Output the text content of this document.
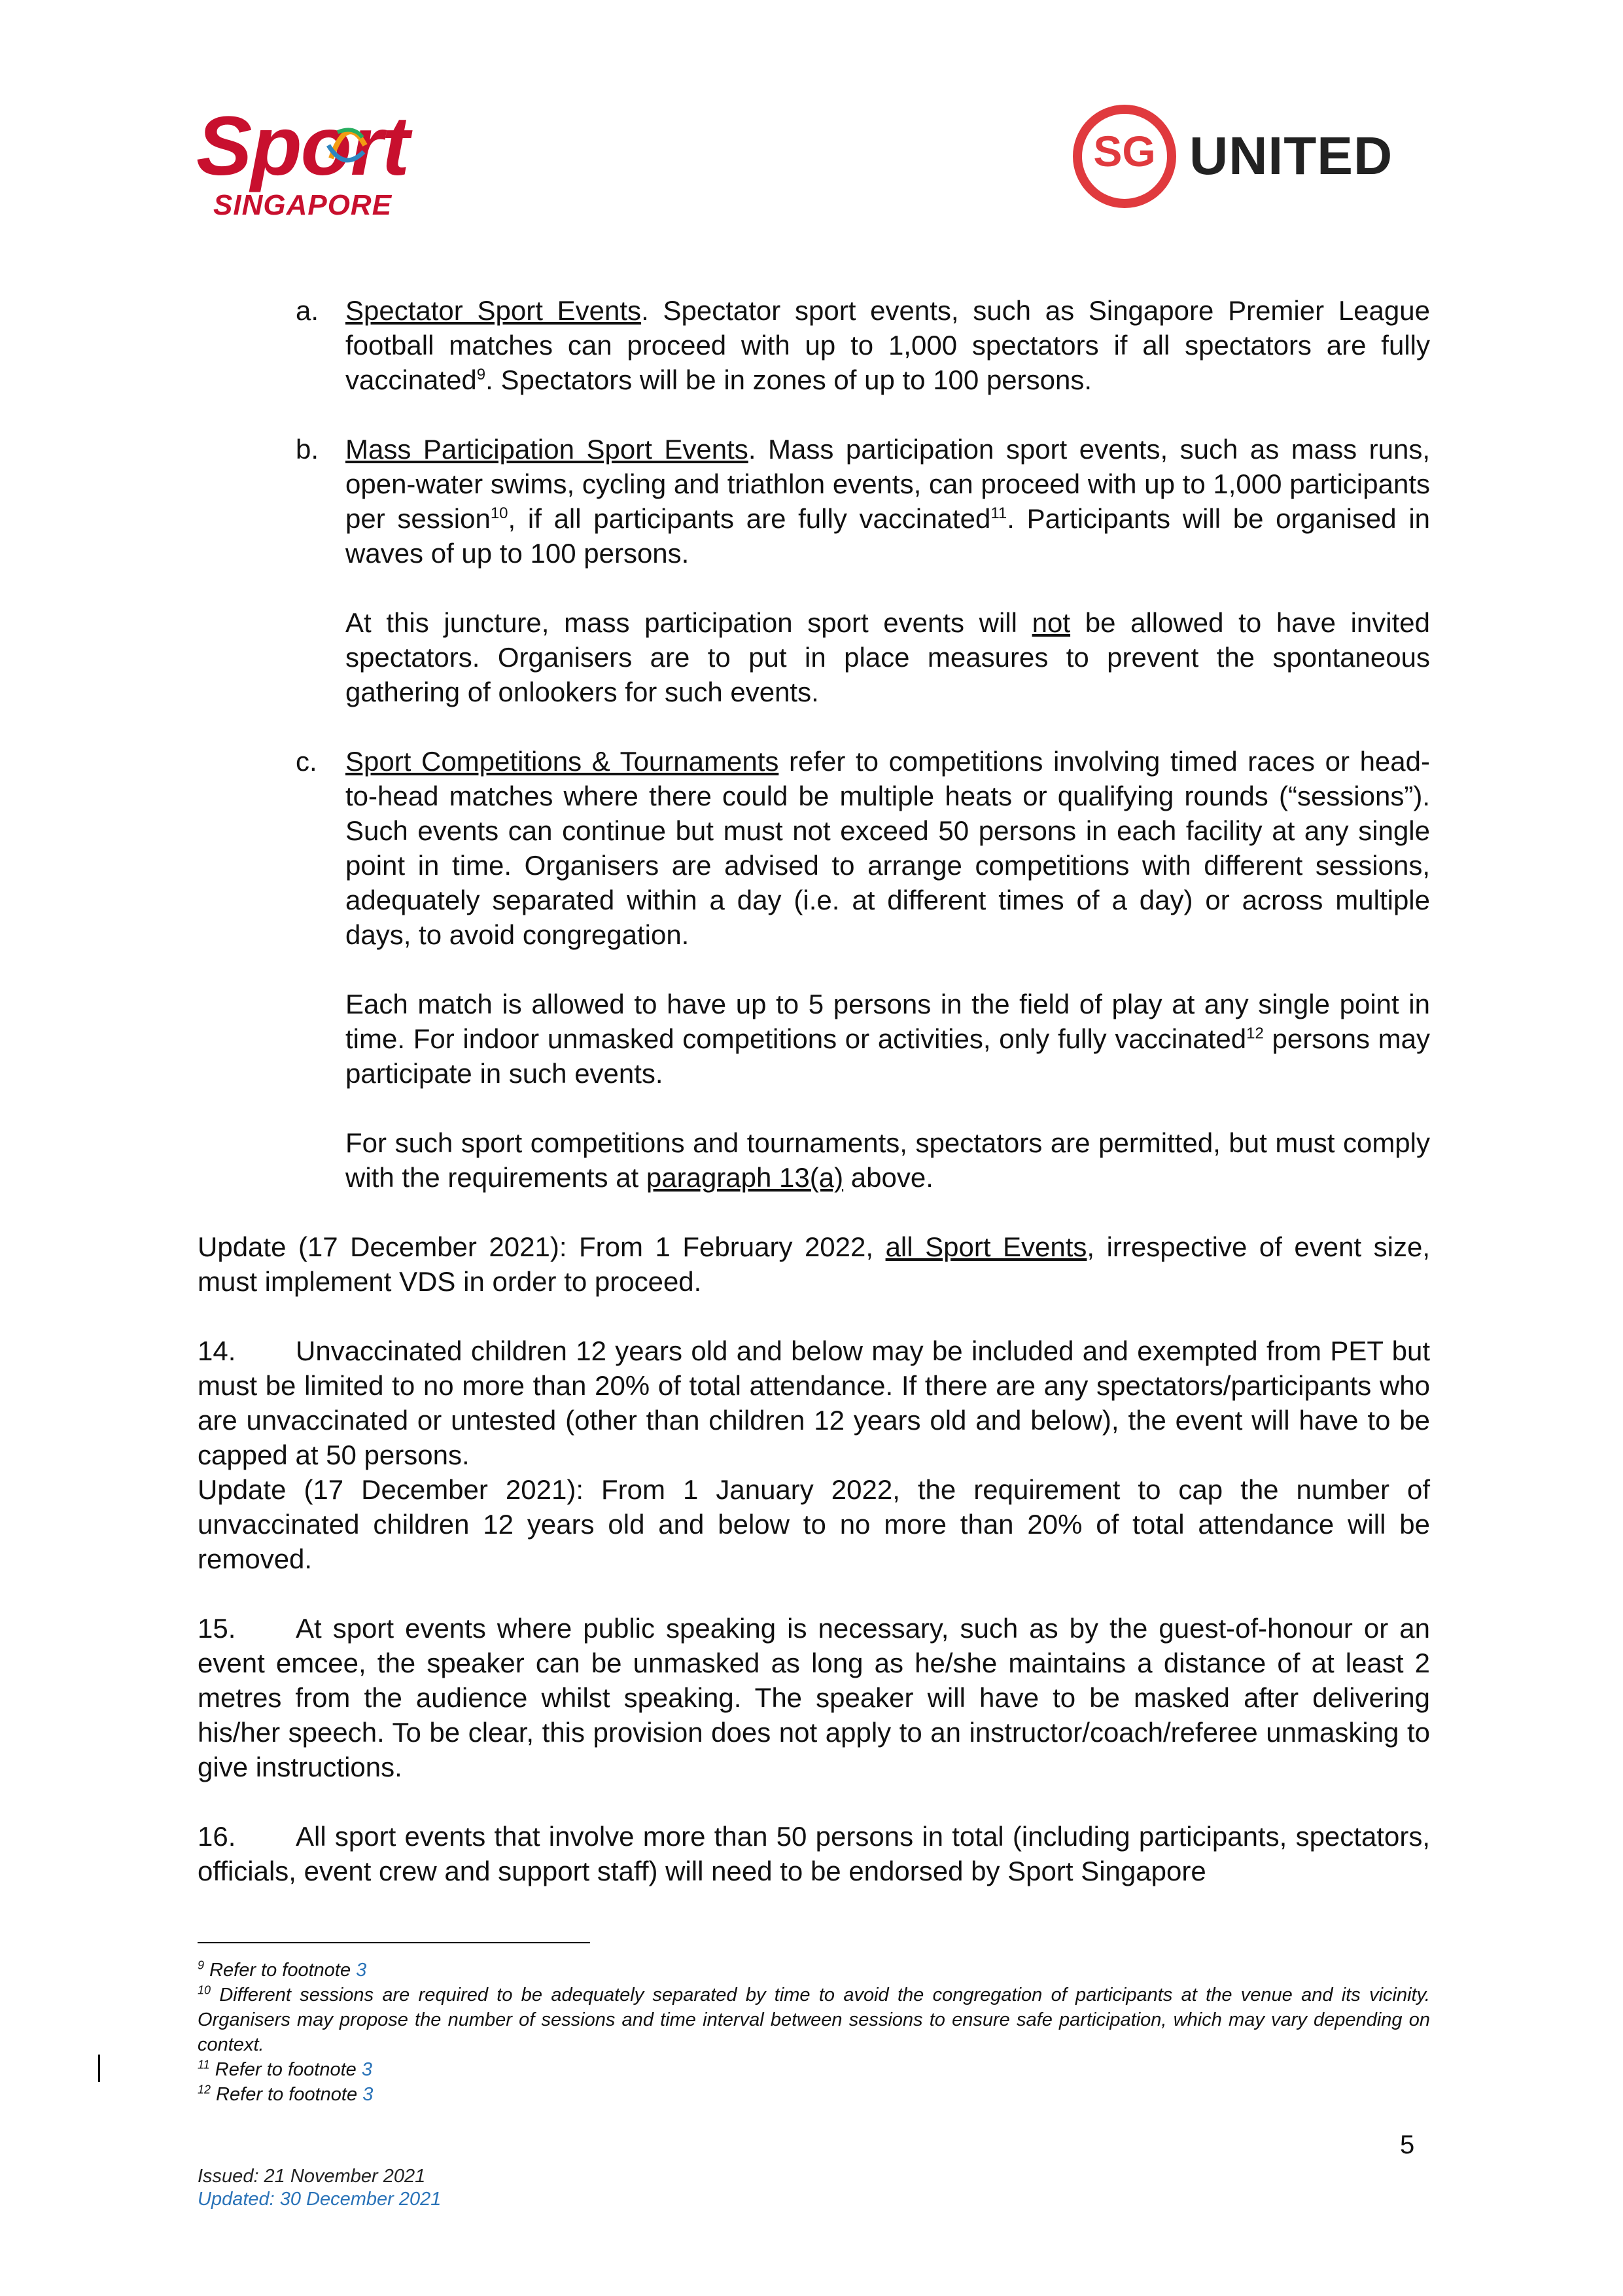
Sport
SINGAPORE
SG UNITED
a. Spectator Sport Events. Spectator sport events, such as Singapore Premier League football matches can proceed with up to 1,000 spectators if all spectators are fully vaccinated$^9$. Spectators will be in zones of up to 100 persons.

b. Mass Participation Sport Events. Mass participation sport events, such as mass runs, open-water swims, cycling and triathlon events, can proceed with up to 1,000 participants per session$^{10}$, if all participants are fully vaccinated$^{11}$. Participants will be organised in waves of up to 100 persons.

At this juncture, mass participation sport events will not be allowed to have invited spectators. Organisers are to put in place measures to prevent the spontaneous gathering of onlookers for such events.

c.	Sport Competitions & Tournaments refer to competitions involving timed races or head-to-head matches where there could be multiple heats or qualifying rounds (“sessions”). Such events can continue but must not exceed 50 persons in each facility at any single point in time. Organisers are advised to arrange competitions with different sessions, adequately separated within a day (i.e. at different times of a day) or across multiple days, to avoid congregation.

Each match is allowed to have up to 5 persons in the field of play at any single point in time. For indoor unmasked competitions or activities, only fully vaccinated$^{12}$ persons may participate in such events.

For such sport competitions and tournaments, spectators are permitted, but must comply with the requirements at paragraph 13(a) above.

Update (17 December 2021): From 1 February 2022, all Sport Events, irrespective of event size, must implement VDS in order to proceed.

14. Unvaccinated children 12 years old and below may be included and exempted from PET but must be limited to no more than 20% of total attendance. If there are any spectators/participants who are unvaccinated or untested (other than children 12 years old and below), the event will have to be capped at 50 persons.

Update (17 December 2021): From 1 January 2022, the requirement to cap the number of unvaccinated children 12 years old and below to no more than 20% of total attendance will be removed.

15. At sport events where public speaking is necessary, such as by the guest-of-honour or an event emcee, the speaker can be unmasked as long as he/she maintains a distance of at least 2 metres from the audience whilst speaking. The speaker will have to be masked after delivering his/her speech. To be clear, this provision does not apply to an instructor/coach/referee unmasking to give instructions.

16. All sport events that involve more than 50 persons in total (including participants, spectators, officials, event crew and support staff) will need to be endorsed by Sport Singapore

$^9$ Refer to footnote 3

$^{10}$ Different sessions are required to be adequately separated by time to avoid the congregation of participants at the venue and its vicinity. Organisers may propose the number of sessions and time interval between sessions to ensure safe participation, which may vary depending on context.

$^{11}$ Refer to footnote 3

$^{12}$ Refer to footnote 3

5
Issued: 21 November 2021
Updated: 30 December 2021
